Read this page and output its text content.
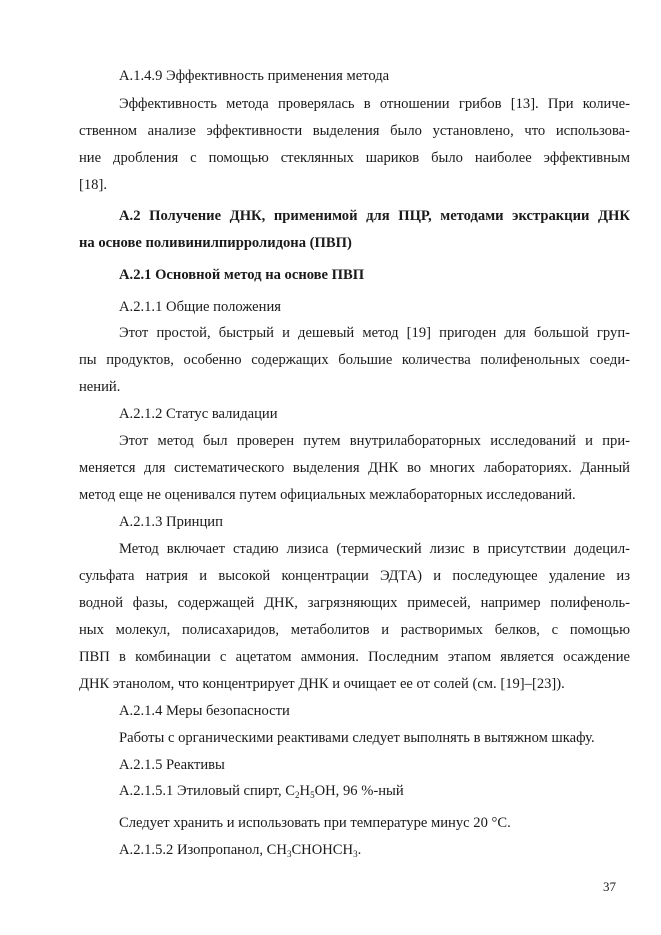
А.1.4.9 Эффективность применения метода
Эффективность метода проверялась в отношении грибов [13]. При количе-
ственном анализе эффективности выделения было установлено, что использова-
ние дробления с помощью стеклянных шариков было наиболее эффективным
[18].
А.2 Получение ДНК, применимой для ПЦР, методами экстракции ДНК
на основе поливинилпирролидона (ПВП)
А.2.1 Основной метод на основе ПВП
А.2.1.1 Общие положения
Этот простой, быстрый и дешевый метод [19] пригоден для большой груп-
пы продуктов, особенно содержащих большие количества полифенольных соеди-
нений.
А.2.1.2 Статус валидации
Этот метод был проверен путем внутрилабораторных исследований и при-
меняется для систематического выделения ДНК во многих лабораториях. Данный
метод еще не оценивался путем официальных межлабораторных исследований.
А.2.1.3 Принцип
Метод включает стадию лизиса (термический лизис в присутствии додецил-
сульфата натрия и высокой концентрации ЭДТА) и последующее удаление из
водной фазы, содержащей ДНК, загрязняющих примесей, например полифеноль-
ных молекул, полисахаридов, метаболитов и растворимых белков, с помощью
ПВП в комбинации с ацетатом аммония. Последним этапом является осаждение
ДНК этанолом, что концентрирует ДНК и очищает ее от солей (см. [19]–[23]).
А.2.1.4 Меры безопасности
Работы с органическими реактивами следует выполнять в вытяжном шкафу.
А.2.1.5 Реактивы
А.2.1.5.1 Этиловый спирт, $C_2H_5OH$, 96 %-ный
Следует хранить и использовать при температуре минус 20 °C.
А.2.1.5.2 Изопропанол, $CH_3CHOHCH_3$.
37
